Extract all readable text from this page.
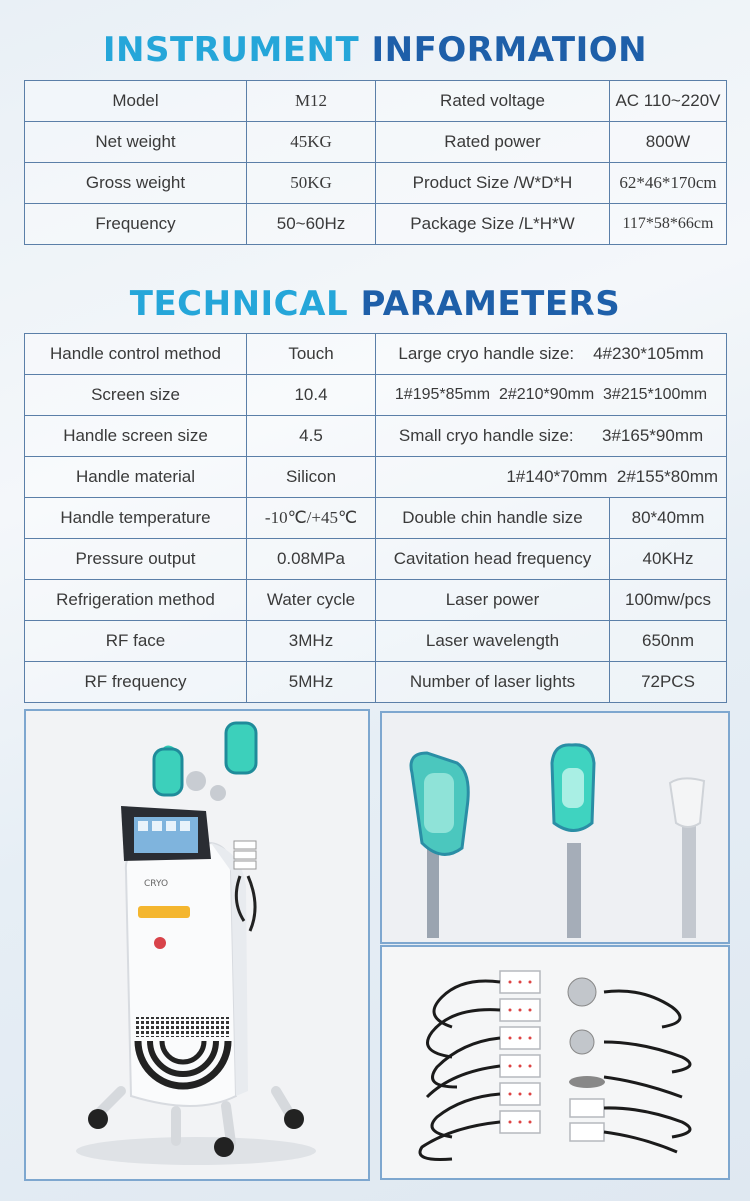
INSTRUMENT INFORMATION
Model	M12	Rated voltage	AC 110~220V
Net weight	45KG	Rated power	800W
Gross weight	50KG	Product Size /W*D*H	62*46*170cm
Frequency	50~60Hz	Package Size /L*H*W	117*58*66cm
TECHNICAL PARAMETERS
Handle control method	Touch	Large cryo handle size: 4#230*105mm	
Screen size	10.4	1#195*85mm  2#210*90mm  3#215*100mm	
Handle screen size	4.5	Small cryo handle size: 3#165*90mm	
Handle material	Silicon	1#140*70mm  2#155*80mm	
Handle temperature	-10℃/+45℃	Double chin handle size	80*40mm
Pressure output	0.08MPa	Cavitation head frequency	40KHz
Refrigeration method	Water cycle	Laser power	100mw/pcs
RF face	3MHz	Laser wavelength	650nm
RF frequency	5MHz	Number of laser lights	72PCS
CRYO
